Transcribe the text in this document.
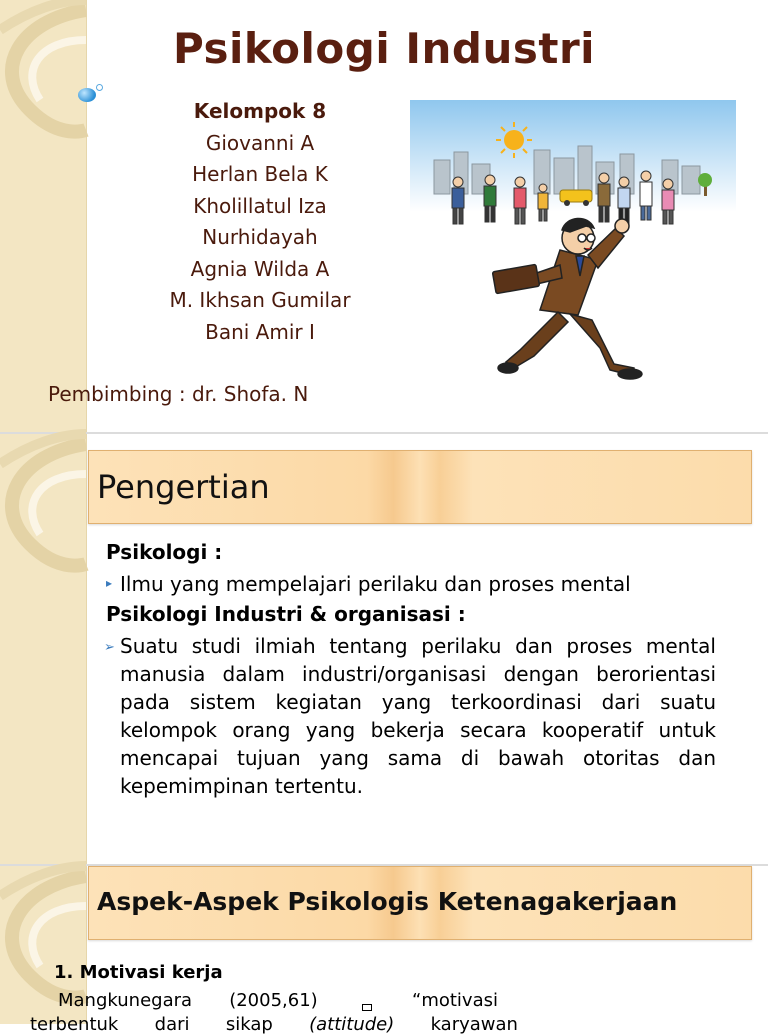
Psikologi Industri
Kelompok 8
Giovanni A
Herlan Bela K
Kholillatul Iza
Nurhidayah
Agnia Wilda A
M. Ikhsan Gumilar
Bani Amir I
Pembimbing : dr. Shofa. N
Pengertian
Psikologi :
▸ Ilmu yang mempelajari perilaku dan proses mental
Psikologi Industri & organisasi :
➢ Suatu studi ilmiah tentang perilaku dan proses mental manusia dalam industri/organisasi dengan berorientasi pada sistem kegiatan yang terkoordinasi dari suatu kelompok orang yang bekerja secara kooperatif untuk mencapai tujuan yang sama di bawah otoritas dan kepemimpinan tertentu.
Aspek-Aspek Psikologis Ketenagakerjaan
1. Motivasi kerja
Mangkunegara (2005,61)	“motivasi
terbentuk dari sikap (attitude) karyawan
